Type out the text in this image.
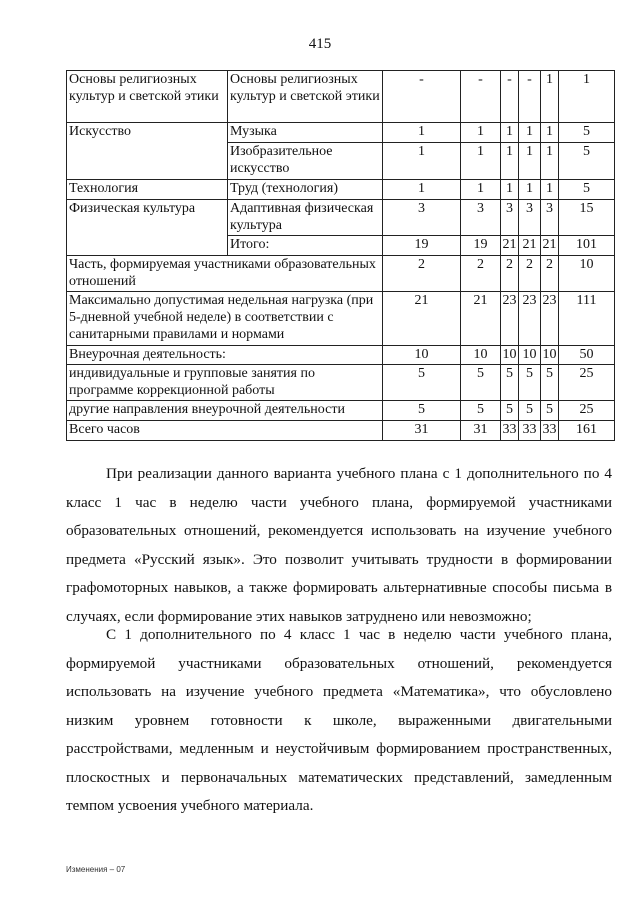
415
Основы религиозных культур и светской этики	Основы религиозных культур и светской этики	-	-	-	-	1	1
Искусство	Музыка	1	1	1	1	1	5
	Изобразительное искусство	1	1	1	1	1	5
Технология	Труд (технология)	1	1	1	1	1	5
Физическая культура	Адаптивная физическая культура	3	3	3	3	3	15
	Итого:	19	19	21	21	21	101
Часть, формируемая участниками образовательных отношений		2	2	2	2	2	10
Максимально допустимая недельная нагрузка (при 5-дневной учебной неделе) в соответствии с санитарными правилами и нормами		21	21	23	23	23	111
Внеурочная деятельность:		10	10	10	10	10	50
индивидуальные и групповые занятия по программе коррекционной работы		5	5	5	5	5	25
другие направления внеурочной деятельности		5	5	5	5	5	25
Всего часов		31	31	33	33	33	161

При реализации данного варианта учебного плана с 1 дополнительного по 4 класс 1 час в неделю части учебного плана, формируемой участниками образовательных отношений, рекомендуется использовать на изучение учебного предмета «Русский язык». Это позволит учитывать трудности в формировании графомоторных навыков, а также формировать альтернативные способы письма в случаях, если формирование этих навыков затруднено или невозможно;

С 1 дополнительного по 4 класс 1 час в неделю части учебного плана, формируемой участниками образовательных отношений, рекомендуется использовать на изучение учебного предмета «Математика», что обусловлено низким уровнем готовности к школе, выраженными двигательными расстройствами, медленным и неустойчивым формированием пространственных, плоскостных и первоначальных математических представлений, замедленным темпом усвоения учебного материала.

Изменения – 07
